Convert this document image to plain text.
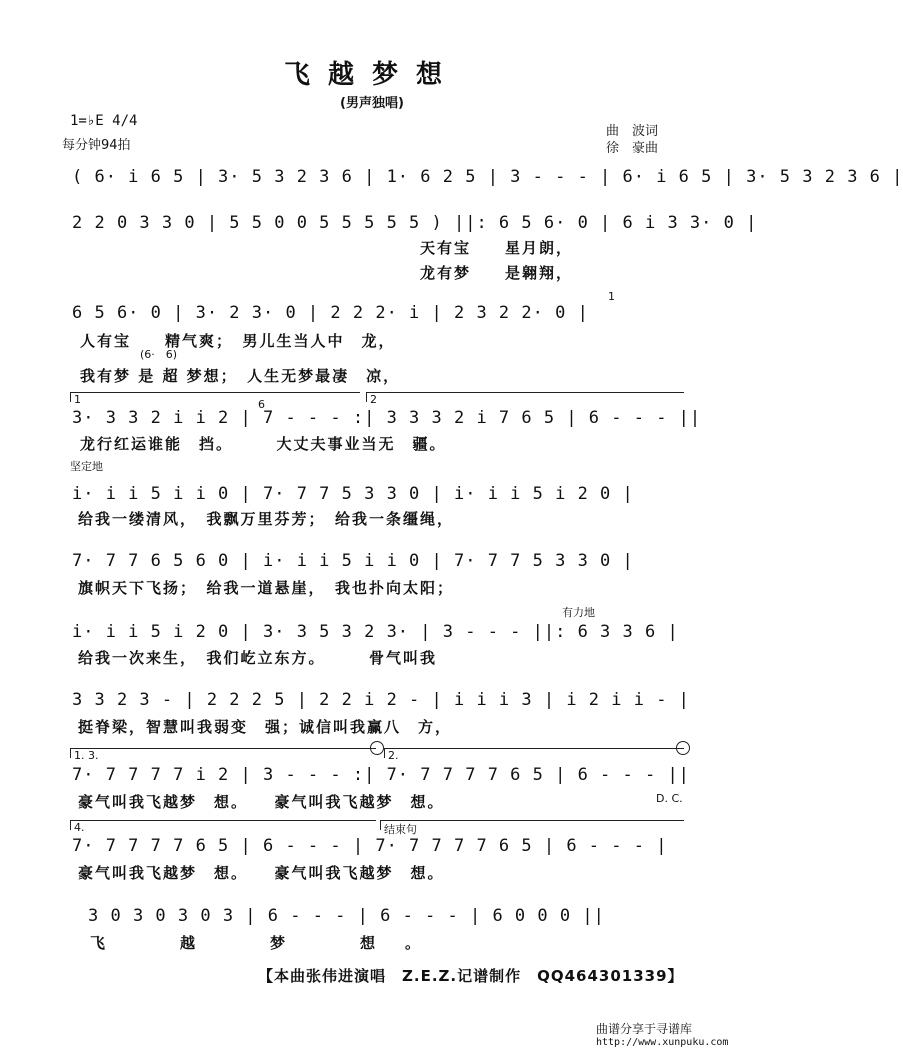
飞越梦想
(男声独唱)
1=♭E 4/4
每分钟94拍
曲　波词
徐　豪曲
( 6· i 6 5 | 3· 5 3 2 3 6 | 1· 6 2 5 | 3 - - - | 6· i 6 5 | 3· 5 3 2 3 6 |
2 2 0 3 3 0 | 5 5 0 0 5 5 5 5 5 ) ||: 6 5 6· 0 | 6 i 3 3· 0 |
天有宝　　星月朗，
龙有梦　　是翱翔，
6 5 6· 0 | 3· 2 3· 0 | 2 2 2· i | 2 3 2 2· 0 |
1
人有宝　　精气爽；　男儿生当人中　龙，
(6·　6)
我有梦 是 超 梦想；　人生无梦最凄　凉，
1	2
6
3· 3 3 2 i i 2 | 7 - - - :| 3 3 3 2 i 7 6 5 | 6 - - - ||
龙行红运谁能　挡。　　　大丈夫事业当无　疆。
坚定地
i· i i 5 i i 0 | 7· 7 7 5 3 3 0 | i· i i 5 i 2 0 |
给我一缕清风，　我飘万里芬芳；　给我一条缰绳，
7· 7 7 6 5 6 0 | i· i i 5 i i 0 | 7· 7 7 5 3 3 0 |
旗帜天下飞扬；　给我一道悬崖，　我也扑向太阳；
有力地
i· i i 5 i 2 0 | 3· 3 5 3 2 3· | 3 - - - ||: 6 3 3 6 |
给我一次来生，　我们屹立东方。　　　骨气叫我
3 3 2 3 - | 2 2 2 5 | 2 2 i 2 - | i i i 3 | i 2 i i - |
挺脊梁，智慧叫我弱变　强；诚信叫我赢八　方，
1. 3.	2.
7· 7 7 7 7 i 2 | 3 - - - :| 7· 7 7 7 7 6 5 | 6 - - - ||
豪气叫我飞越梦　想。　　豪气叫我飞越梦　想。	D. C.
4.	结束句
7· 7 7 7 7 6 5 | 6 - - - | 7· 7 7 7 7 6 5 | 6 - - - |
豪气叫我飞越梦　想。　　豪气叫我飞越梦　想。
3 0 3 0 3 0 3 | 6 - - - | 6 - - - | 6 0 0 0 ||
飞　越　梦　想。
【本曲张伟进演唱　Z.E.Z.记谱制作　QQ464301339】
曲谱分享于寻谱库
http://www.xunpuku.com
